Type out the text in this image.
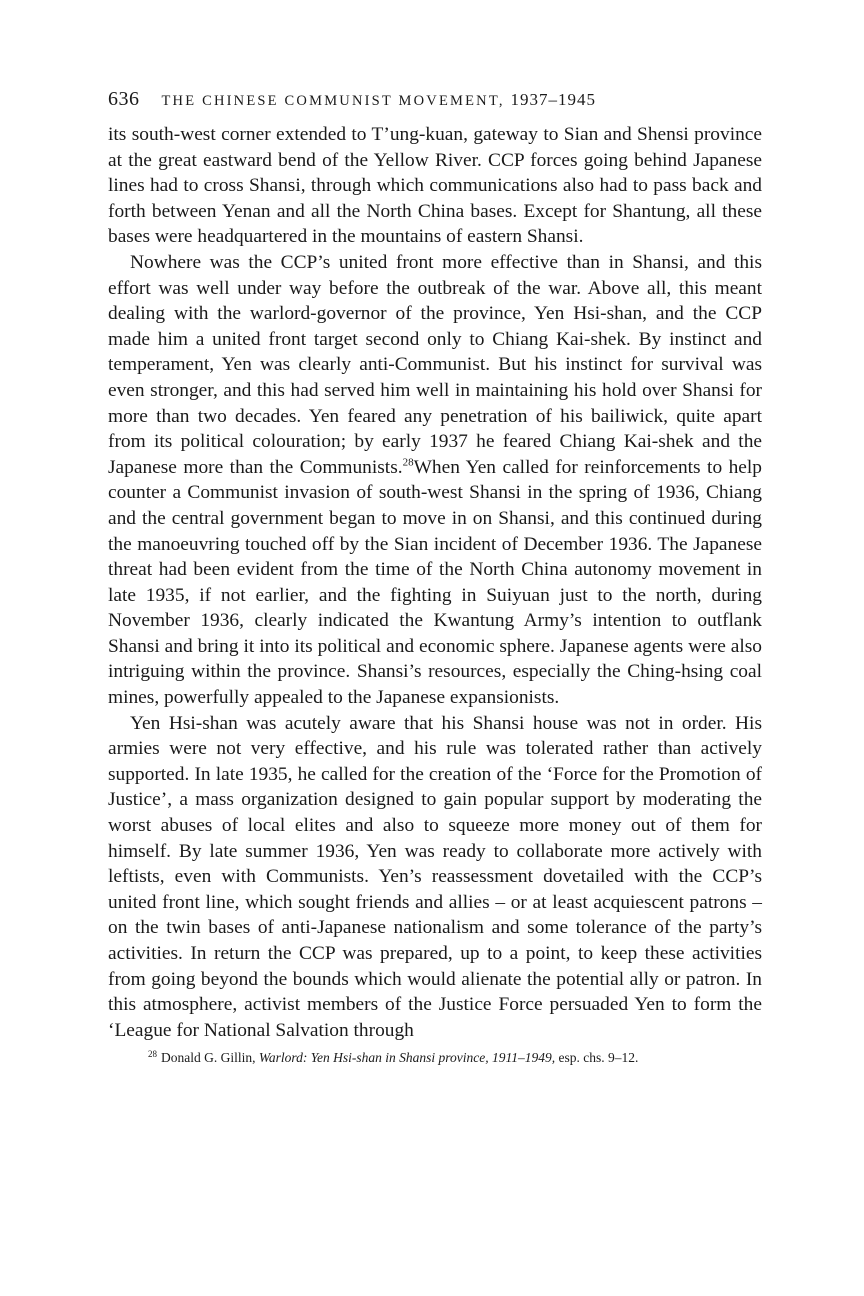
636 THE CHINESE COMMUNIST MOVEMENT, 1937–1945

its south-west corner extended to T’ung-kuan, gateway to Sian and Shensi province at the great eastward bend of the Yellow River. CCP forces going behind Japanese lines had to cross Shansi, through which communications also had to pass back and forth between Yenan and all the North China bases. Except for Shantung, all these bases were headquartered in the mountains of eastern Shansi.

Nowhere was the CCP’s united front more effective than in Shansi, and this effort was well under way before the outbreak of the war. Above all, this meant dealing with the warlord-governor of the province, Yen Hsi-shan, and the CCP made him a united front target second only to Chiang Kai-shek. By instinct and temperament, Yen was clearly anti-Communist. But his instinct for survival was even stronger, and this had served him well in maintaining his hold over Shansi for more than two decades. Yen feared any penetration of his bailiwick, quite apart from its political colouration; by early 1937 he feared Chiang Kai-shek and the Japanese more than the Communists.$^{28}$When Yen called for reinforcements to help counter a Communist invasion of south-west Shansi in the spring of 1936, Chiang and the central government began to move in on Shansi, and this continued during the manoeuvring touched off by the Sian incident of December 1936. The Japanese threat had been evident from the time of the North China autonomy movement in late 1935, if not earlier, and the fighting in Suiyuan just to the north, during November 1936, clearly indicated the Kwantung Army’s intention to outflank Shansi and bring it into its political and economic sphere. Japanese agents were also intriguing within the province. Shansi’s resources, especially the Ching-hsing coal mines, powerfully appealed to the Japanese expansionists.

Yen Hsi-shan was acutely aware that his Shansi house was not in order. His armies were not very effective, and his rule was tolerated rather than actively supported. In late 1935, he called for the creation of the ‘Force for the Promotion of Justice’, a mass organization designed to gain popular support by moderating the worst abuses of local elites and also to squeeze more money out of them for himself. By late summer 1936, Yen was ready to collaborate more actively with leftists, even with Communists. Yen’s reassessment dovetailed with the CCP’s united front line, which sought friends and allies – or at least acquiescent patrons – on the twin bases of anti-Japanese nationalism and some tolerance of the party’s activities. In return the CCP was prepared, up to a point, to keep these activities from going beyond the bounds which would alienate the potential ally or patron. In this atmosphere, activist members of the Justice Force persuaded Yen to form the ‘League for National Salvation through

$^{28}$ Donald G. Gillin, Warlord: Yen Hsi-shan in Shansi province, 1911–1949, esp. chs. 9–12.
